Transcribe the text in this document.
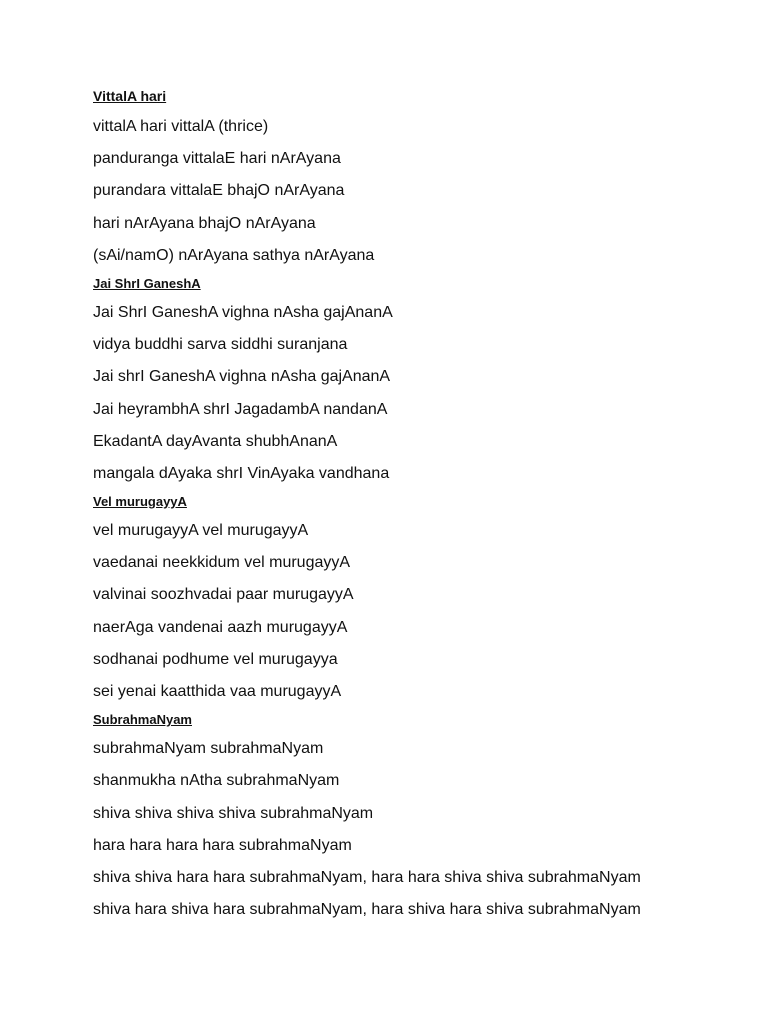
VittalA hari
vittalA hari vittalA (thrice)
panduranga vittalaE hari nArAyana
purandara vittalaE bhajO nArAyana
hari nArAyana bhajO nArAyana
(sAi/namO) nArAyana sathya nArAyana
Jai ShrI GaneshA
Jai ShrI GaneshA vighna nAsha gajAnanA
vidya buddhi sarva siddhi suranjana
Jai shrI GaneshA vighna nAsha gajAnanA
Jai heyrambhA shrI JagadambA nandanA
EkadantA dayAvanta shubhAnanA
mangala dAyaka shrI VinAyaka vandhana
Vel murugayyA
vel murugayyA vel murugayyA
vaedanai neekkidum vel murugayyA
valvinai soozhvadai paar murugayyA
naerAga vandenai aazh murugayyA
sodhanai podhume vel murugayya
sei yenai kaatthida vaa murugayyA
SubrahmaNyam
subrahmaNyam subrahmaNyam
shanmukha nAtha subrahmaNyam
shiva shiva shiva shiva subrahmaNyam
hara hara hara hara subrahmaNyam
shiva shiva hara hara subrahmaNyam, hara hara shiva shiva subrahmaNyam
shiva hara shiva hara subrahmaNyam, hara shiva hara shiva subrahmaNyam
